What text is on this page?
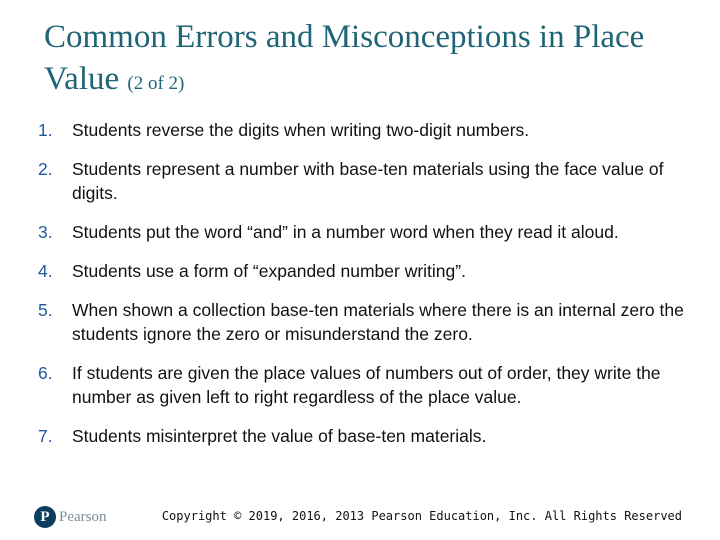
Common Errors and Misconceptions in Place Value (2 of 2)
1.	Students reverse the digits when writing two-digit numbers.
2.	Students represent a number with base-ten materials using the face value of digits.
3.	Students put the word “and” in a number word when they read it aloud.
4.	Students use a form of “expanded number writing”.
5.	When shown a collection base-ten materials where there is an internal zero the students ignore the zero or misunderstand the zero.
6.	If students are given the place values of numbers out of order, they write the number as given left to right regardless of the place value.
7.	Students misinterpret the value of base-ten materials.
P Pearson	Copyright © 2019, 2016, 2013 Pearson Education, Inc. All Rights Reserved
